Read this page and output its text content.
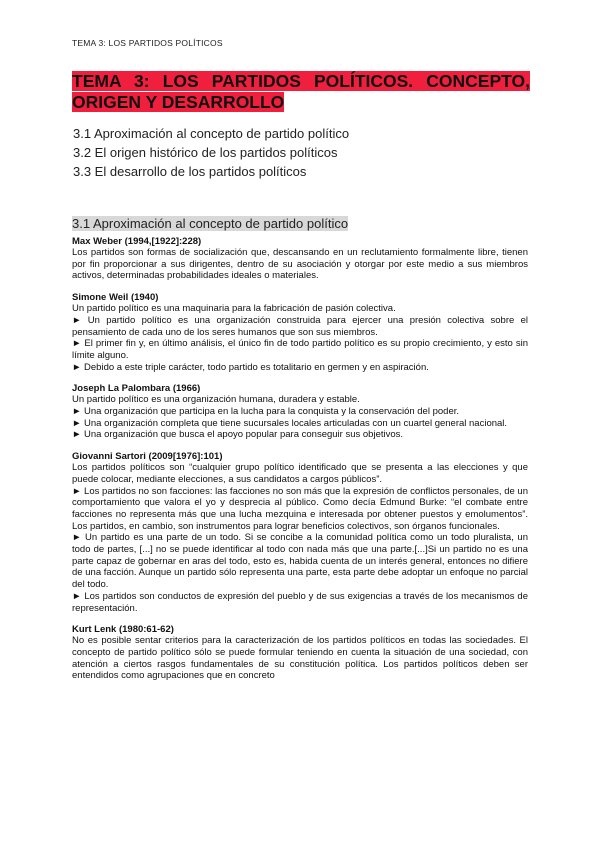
TEMA 3: LOS PARTIDOS POLÍTICOS
TEMA 3: LOS PARTIDOS POLÍTICOS. CONCEPTO, ORIGEN Y DESARROLLO
3.1 Aproximación al concepto de partido político
3.2 El origen histórico de los partidos políticos
3.3 El desarrollo de los partidos políticos
3.1 Aproximación al concepto de partido político
Max Weber (1994,[1922]:228)

Los partidos son formas de socialización que, descansando en un reclutamiento formalmente libre, tienen por fin proporcionar a sus dirigentes, dentro de su asociación y otorgar por este medio a sus miembros activos, determinadas probabilidades ideales o materiales.

Simone Weil (1940)

Un partido político es una maquinaria para la fabricación de pasión colectiva.

► Un partido político es una organización construida para ejercer una presión colectiva sobre el pensamiento de cada uno de los seres humanos que son sus miembros.

► El primer fin y, en último análisis, el único fin de todo partido político es su propio crecimiento, y esto sin límite alguno.

► Debido a este triple carácter, todo partido es totalitario en germen y en aspiración.

Joseph La Palombara (1966)

Un partido político es una organización humana, duradera y estable.

► Una organización que participa en la lucha para la conquista y la conservación del poder.

► Una organización completa que tiene sucursales locales articuladas con un cuartel general nacional.

► Una organización que busca el apoyo popular para conseguir sus objetivos.

Giovanni Sartori (2009[1976]:101)

Los partidos políticos son “cualquier grupo político identificado que se presenta a las elecciones y que puede colocar, mediante elecciones, a sus candidatos a cargos públicos”.

► Los partidos no son facciones: las facciones no son más que la expresión de conflictos personales, de un comportamiento que valora el yo y desprecia al público. Como decía Edmund Burke: “el combate entre facciones no representa más que una lucha mezquina e interesada por obtener puestos y emolumentos”. Los partidos, en cambio, son instrumentos para lograr beneficios colectivos, son órganos funcionales.

► Un partido es una parte de un todo. Si se concibe a la comunidad política como un todo pluralista, un todo de partes, [...] no se puede identificar al todo con nada más que una parte.[...]Si un partido no es una parte capaz de gobernar en aras del todo, esto es, habida cuenta de un interés general, entonces no difiere de una facción. Aunque un partido sólo representa una parte, esta parte debe adoptar un enfoque no parcial del todo.

► Los partidos son conductos de expresión del pueblo y de sus exigencias a través de los mecanismos de representación.

Kurt Lenk (1980:61-62)

No es posible sentar criterios para la caracterización de los partidos políticos en todas las sociedades. El concepto de partido político sólo se puede formular teniendo en cuenta la situación de una sociedad, con atención a ciertos rasgos fundamentales de su constitución política. Los partidos políticos deben ser entendidos como agrupaciones que en concreto
